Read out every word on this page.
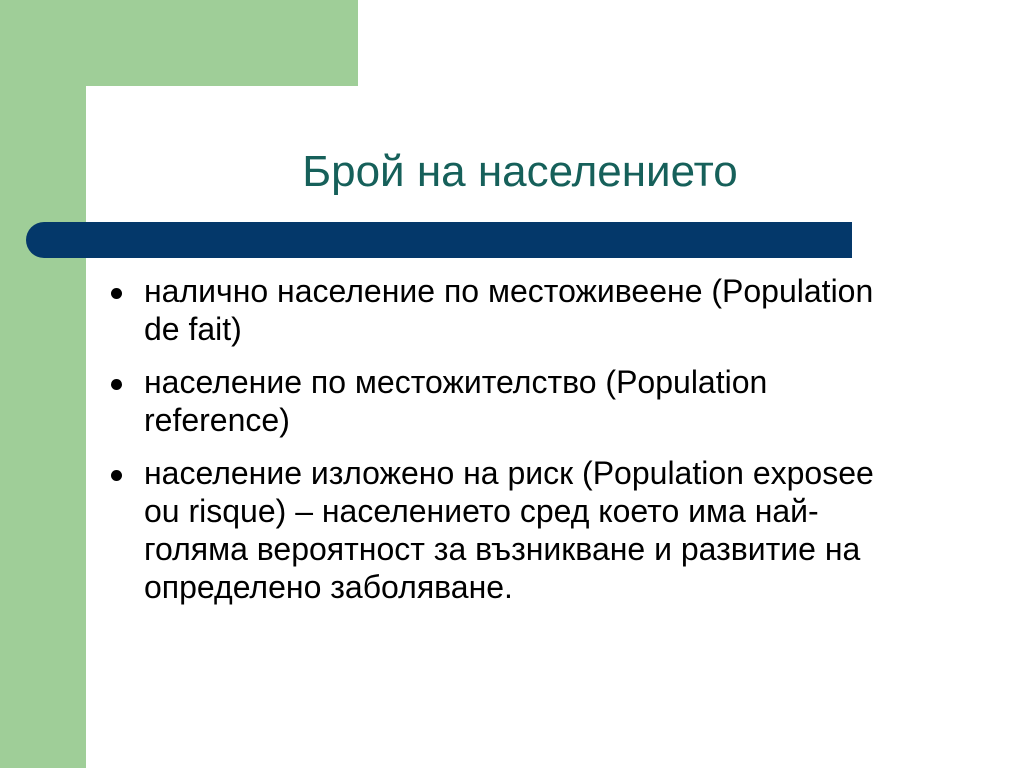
Брой на населението
налично население по местоживеене (Population de fait)
население по местожителство (Population reference)
население изложено на риск (Population exposee ou risque) – населението сред което има най-голяма вероятност за възникване и развитие на определено заболяване.
